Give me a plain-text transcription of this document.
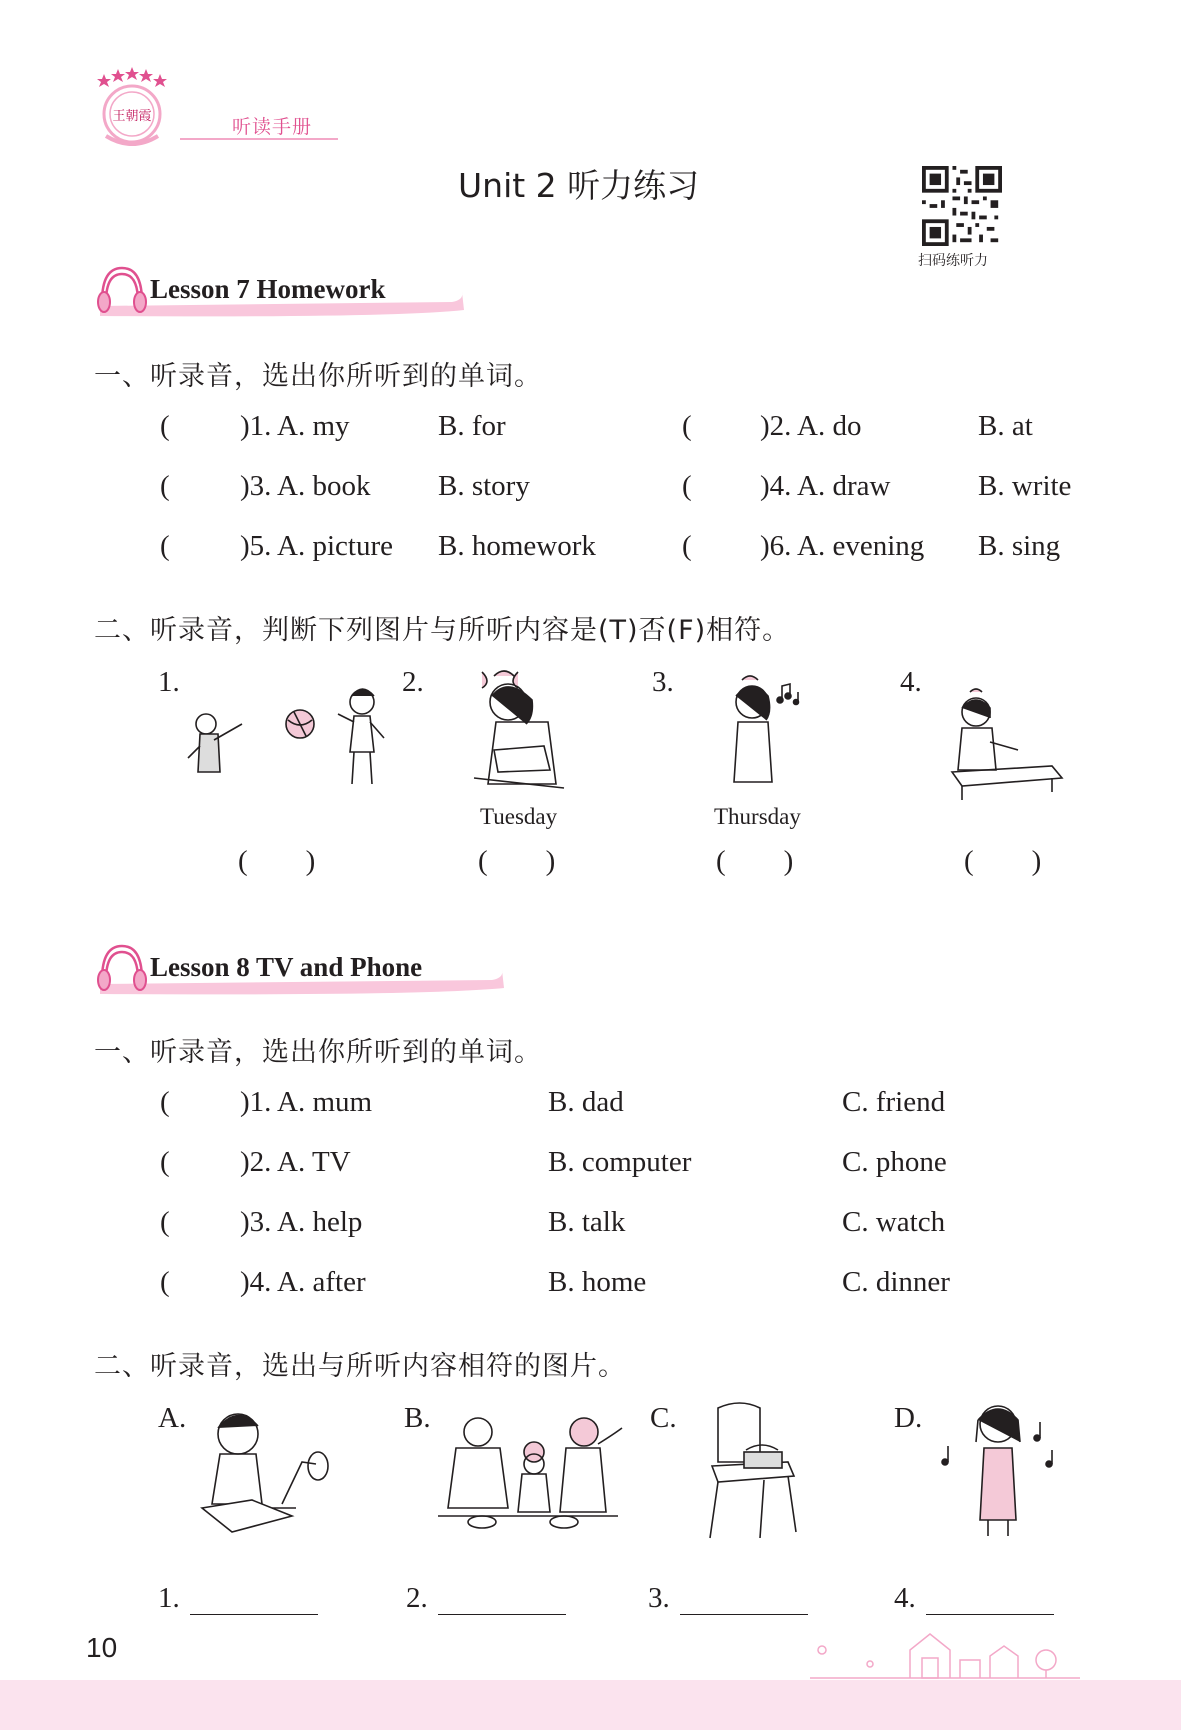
王朝霞	听读手册
Unit 2 听力练习
扫码练听力
Lesson 7 Homework
一、听录音，选出你所听到的单词。
( )1. A. my	B. for	( )2. A. do	B. at
( )3. A. book B. story	( )4. A. draw	B. write
( )5. A. picture B. homework	( )6. A. evening B. sing
二、听录音，判断下列图片与所听内容是(T)否(F)相符。
1.
(　　)
2.
Tuesday
(　　)
3.
Thursday
(　　)
4.
(　　)
Lesson 8 TV and Phone
一、听录音，选出你所听到的单词。
( )1. A. mum	B. dad	C. friend
( )2. A. TV	B. computer	C. phone
( )3. A. help	B. talk	C. watch
( )4. A. after	B. home	C. dinner
二、听录音，选出与所听内容相符的图片。
A.	B.	C.	D.
1.	2.	3.	4.
10
